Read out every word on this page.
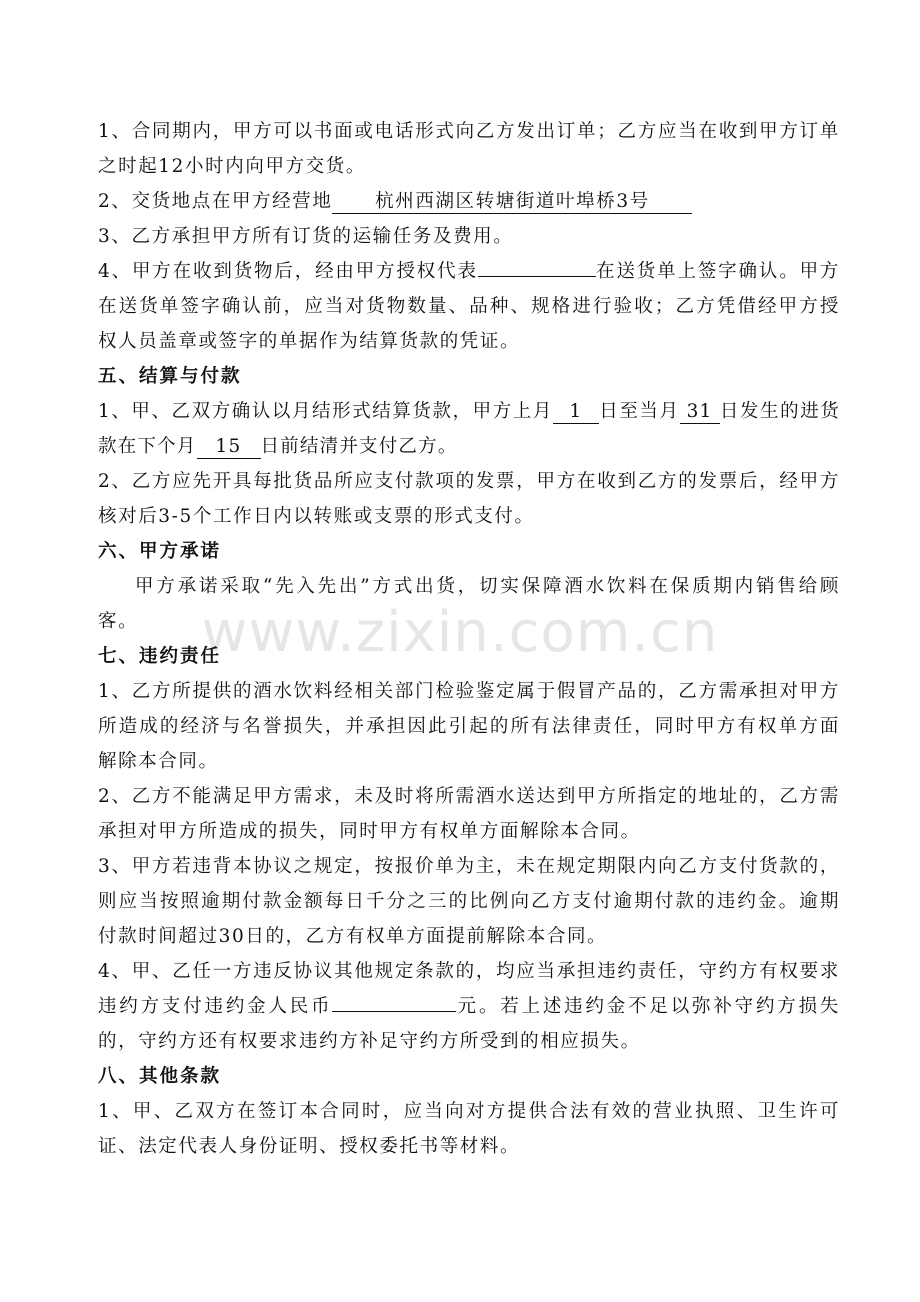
www.zixin.com.cn

1、合同期内，甲方可以书面或电话形式向乙方发出订单；乙方应当在收到甲方订单之时起12小时内向甲方交货。

2、交货地点在甲方经营地 杭州西湖区转塘街道叶埠桥3号

3、乙方承担甲方所有订货的运输任务及费用。

4、甲方在收到货物后，经由甲方授权代表	在送货单上签字确认。甲方在送货单签字确认前，应当对货物数量、品种、规格进行验收；乙方凭借经甲方授权人员盖章或签字的单据作为结算货款的凭证。

五、结算与付款

1、甲、乙双方确认以月结形式结算货款，甲方上月 1 日至当月 31 日发生的进货款在下个月 15 日前结清并支付乙方。

2、乙方应先开具每批货品所应支付款项的发票，甲方在收到乙方的发票后，经甲方核对后3-5个工作日内以转账或支票的形式支付。

六、甲方承诺

甲方承诺采取“先入先出”方式出货，切实保障酒水饮料在保质期内销售给顾客。

七、违约责任

1、乙方所提供的酒水饮料经相关部门检验鉴定属于假冒产品的，乙方需承担对甲方所造成的经济与名誉损失，并承担因此引起的所有法律责任，同时甲方有权单方面解除本合同。

2、乙方不能满足甲方需求，未及时将所需酒水送达到甲方所指定的地址的，乙方需承担对甲方所造成的损失，同时甲方有权单方面解除本合同。

3、甲方若违背本协议之规定，按报价单为主，未在规定期限内向乙方支付货款的，则应当按照逾期付款金额每日千分之三的比例向乙方支付逾期付款的违约金。逾期付款时间超过30日的，乙方有权单方面提前解除本合同。

4、甲、乙任一方违反协议其他规定条款的，均应当承担违约责任，守约方有权要求违约方支付违约金人民币	元。若上述违约金不足以弥补守约方损失的，守约方还有权要求违约方补足守约方所受到的相应损失。

八、其他条款

1、甲、乙双方在签订本合同时，应当向对方提供合法有效的营业执照、卫生许可证、法定代表人身份证明、授权委托书等材料。
